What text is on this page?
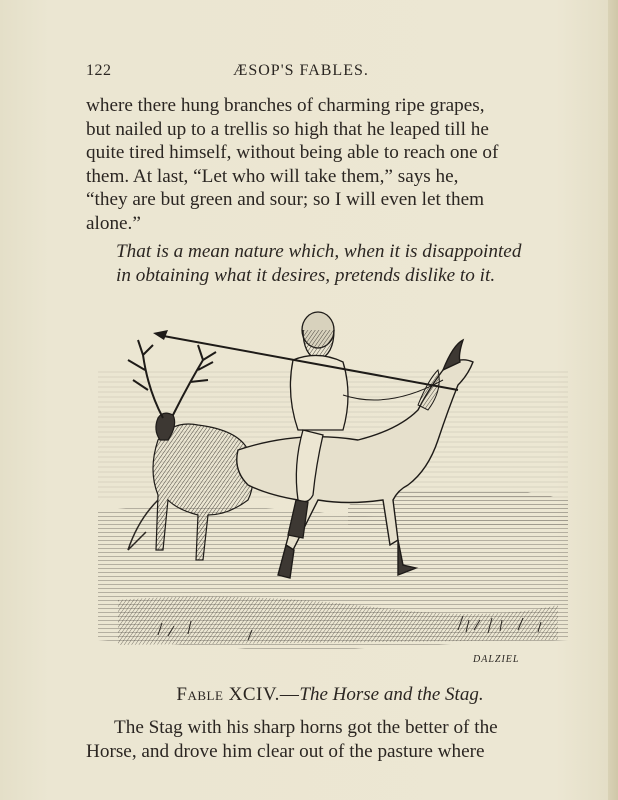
122	ÆSOP'S FABLES.

where there hung branches of charming ripe grapes,

but nailed up to a trellis so high that he leaped till he

quite tired himself, without being able to reach one of

them. At last, “Let who will take them,” says he,

“they are but green and sour; so I will even let them

alone.”

That is a mean nature which, when it is disappointed
in obtaining what it desires, pretends dislike to it.
DALZIEL
Fable XCIV.—The Horse and the Stag.

The Stag with his sharp horns got the better of the

Horse, and drove him clear out of the pasture where
